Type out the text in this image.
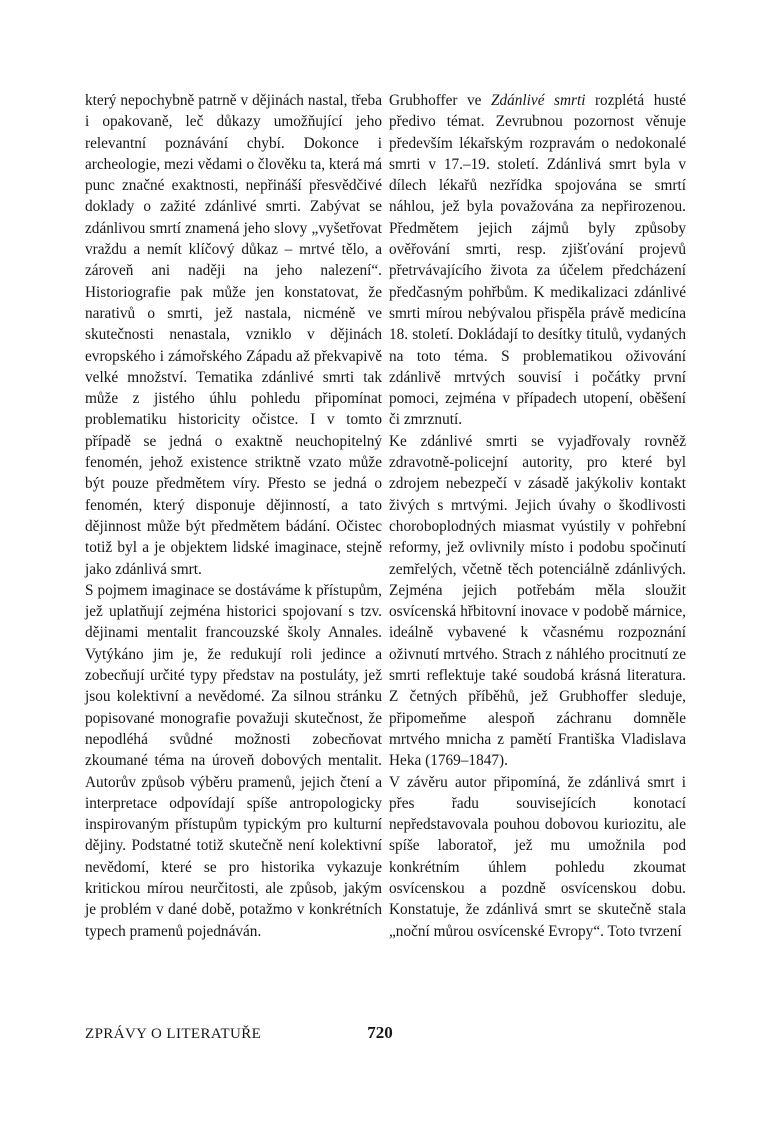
který nepochybně patrně v dějinách nastal, třeba i opakovaně, leč důkazy umožňující jeho relevantní poznávání chybí. Dokonce i archeologie, mezi vědami o člověku ta, která má punc značné exaktnosti, nepřináší přesvědčivé doklady o zažité zdánlivé smrti. Zabývat se zdánlivou smrtí znamená jeho slovy „vyšetřovat vraždu a nemít klíčový důkaz – mrtvé tělo, a zároveň ani naději na jeho nalezení“. Historiografie pak může jen konstatovat, že narativů o smrti, jež nastala, nicméně ve skutečnosti nenastala, vzniklo v dějinách evropského i zámořského Západu až překvapivě velké množství. Tematika zdánlivé smrti tak může z jistého úhlu pohledu připomínat problematiku historicity očistce. I v tomto případě se jedná o exaktně neuchopitelný fenomén, jehož existence striktně vzato může být pouze předmětem víry. Přesto se jedná o fenomén, který disponuje dějinností, a tato dějinnost může být předmětem bádání. Očistec totiž byl a je objektem lidské imaginace, stejně jako zdánlivá smrt.

S pojmem imaginace se dostáváme k přístupům, jež uplatňují zejména historici spojovaní s tzv. dějinami mentalit francouzské školy Annales. Vytýkáno jim je, že redukují roli jedince a zobecňují určité typy představ na postuláty, jež jsou kolektivní a nevědomé. Za silnou stránku popisované monografie považuji skutečnost, že nepodléhá svůdné možnosti zobecňovat zkoumané téma na úroveň dobových mentalit. Autorův způsob výběru pramenů, jejich čtení a interpretace odpovídají spíše antropologicky inspirovaným přístupům typickým pro kulturní dějiny. Podstatné totiž skutečně není kolektivní nevědomí, které se pro historika vykazuje kritickou mírou neurčitosti, ale způsob, jakým je problém v dané době, potažmo v konkrétních typech pramenů pojednáván.

Grubhoffer ve Zdánlivé smrti rozplétá husté předivo témat. Zevrubnou pozornost věnuje především lékařským rozpravám o nedokonalé smrti v 17.–19. století. Zdánlivá smrt byla v dílech lékařů nezřídka spojována se smrtí náhlou, jež byla považována za nepřirozenou. Předmětem jejich zájmů byly způsoby ověřování smrti, resp. zjišťování projevů přetrvávajícího života za účelem předcházení předčasným pohřbům. K medikalizaci zdánlivé smrti mírou nebývalou přispěla právě medicína 18. století. Dokládají to desítky titulů, vydaných na toto téma. S problematikou oživování zdánlivě mrtvých souvisí i počátky první pomoci, zejména v případech utopení, oběšení či zmrznutí.

Ke zdánlivé smrti se vyjadřovaly rovněž zdravotně-policejní autority, pro které byl zdrojem nebezpečí v zásadě jakýkoliv kontakt živých s mrtvými. Jejich úvahy o škodlivosti choroboplodných miasmat vyústily v pohřební reformy, jež ovlivnily místo i podobu spočinutí zemřelých, včetně těch potenciálně zdánlivých. Zejména jejich potřebám měla sloužit osvícenská hřbitovní inovace v podobě márnice, ideálně vybavené k včasnému rozpoznání oživnutí mrtvého. Strach z náhlého procitnutí ze smrti reflektuje také soudobá krásná literatura. Z četných příběhů, jež Grubhoffer sleduje, připomeňme alespoň záchranu domněle mrtvého mnicha z pamětí Františka Vladislava Heka (1769–1847).

V závěru autor připomíná, že zdánlivá smrt i přes řadu souvisejících konotací nepředstavovala pouhou dobovou kuriozitu, ale spíše laboratoř, jež mu umožnila pod konkrétním úhlem pohledu zkoumat osvícenskou a pozdně osvícenskou dobu. Konstatuje, že zdánlivá smrt se skutečně stala „noční můrou osvícenské Evropy“. Toto tvrzení

ZPRÁVY O LITERATUŘE	720
